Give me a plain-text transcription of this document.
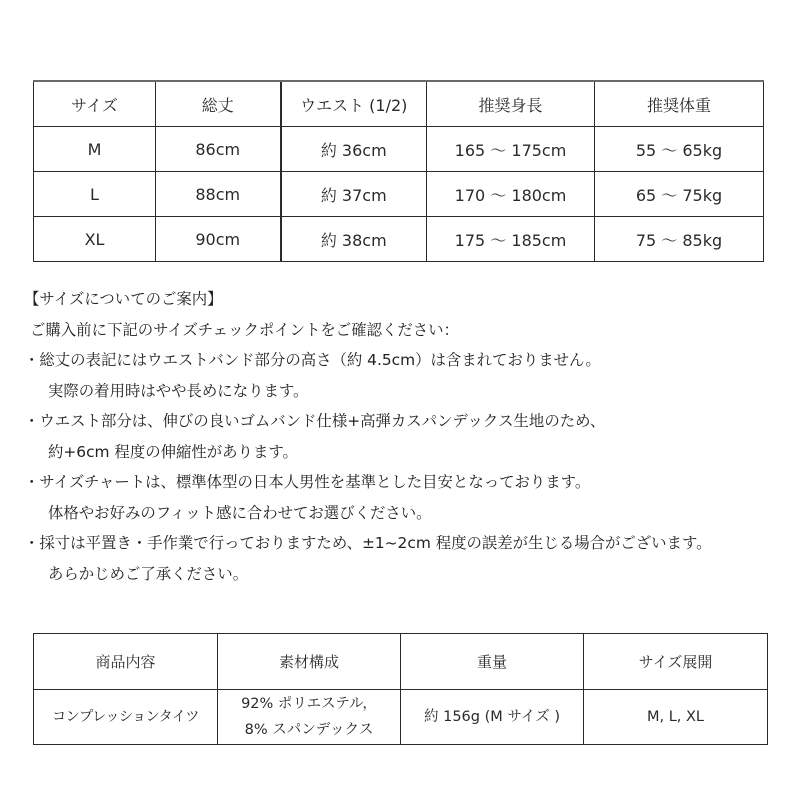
サイズ	総丈	ウエスト (1/2)	推奨身長	推奨体重
M	86cm	約 36cm	165 ～ 175cm	55 ～ 65kg
L	88cm	約 37cm	170 ～ 180cm	65 ～ 75kg
XL	90cm	約 38cm	175 ～ 185cm	75 ～ 85kg
【サイズについてのご案内】
ご購入前に下記のサイズチェックポイントをご確認ください：
・総丈の表記にはウエストバンド部分の高さ（約 4.5cm）は含まれておりません。
実際の着用時はやや長めになります。
・ウエスト部分は、伸びの良いゴムバンド仕様+高弾カスパンデックス生地のため、
約+6cm 程度の伸縮性があります。
・サイズチャートは、標準体型の日本人男性を基準とした目安となっております。
体格やお好みのフィット感に合わせてお選びください。
・採寸は平置き・手作業で行っておりますため、±1~2cm 程度の誤差が生じる場合がございます。
あらかじめご了承ください。
商品内容	素材構成	重量	サイズ展開
コンプレッションタイツ	92% ポリエステル，
8% スパンデックス	約 156g (M サイズ )	M, L, XL
